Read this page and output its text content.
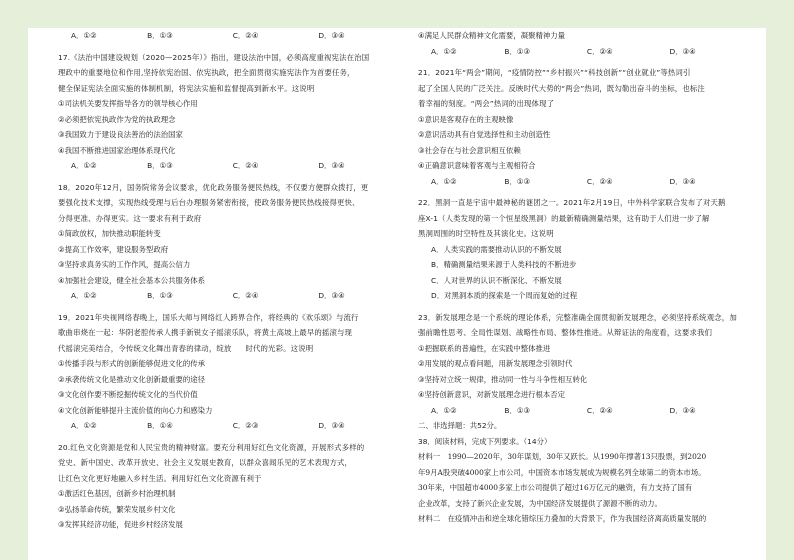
A．①②	B．①③	C．②④	D．③④
17.《法治中国建设规划（2020—2025年）》指出，建设法治中国，必须高度重视宪法在治国
理政中的重要地位和作用,坚持依宪治国、依宪执政，把全面贯彻实施宪法作为首要任务，
健全保证宪法全面实施的体制机制，将宪法实施和监督提高到新水平。这说明
①司法机关要发挥指导各方的领导核心作用
②必须把依宪执政作为党的执政理念
③我国致力于建设良法善治的法治国家
④我国不断推进国家治理体系现代化
A．①②	B．①③	C．②④	D．③④
18．2020年12月，国务院常务会议要求，优化政务服务便民热线，不仅要方便群众拨打，更
要强化技术支撑，实现热线受理与后台办理服务紧密衔接，使政务服务便民热线接得更快、
分得更准、办得更实。这一要求有利于政府
①简政放权，加快推动职能转变
②提高工作效率，建设服务型政府
③坚持求真务实的工作作风，提高公信力
④加强社会建设，健全社会基本公共服务体系
A．①②	B．①③	C．②④	D．③④
19．2021年央视网络春晚上，国乐大师与网络红人跨界合作，将经典的《欢乐颂》与流行
歌曲串烧在一起：华阴老腔传承人携手新锐女子摇滚乐队，将黄土高坡上最早的摇滚与现
代摇滚完美结合，令传统文化舞出青春的律动，绽放 时代的光彩。这说明
①传播手段与形式的创新能够促进文化的传承
②承袭传统文化是推动文化创新最重要的途径
③文化创作要不断挖掘传统文化的当代价值
④文化创新能够提升主流价值的向心力和感染力
A．①②	B．①④	C．②③	D．③④
20.红色文化资源是党和人民宝贵的精神财富。要充分利用好红色文化资源，开展形式多样的
党史、新中国史、改革开放史、社会主义发展史教育，以群众喜闻乐见的艺术表现方式，
让红色文化更好地融入乡村生活。利用好红色文化资源有利于
①激活红色基因，创新乡村治理机制
②弘扬革命传统，繁荣发展乡村文化
③发挥其经济功能，促进乡村经济发展
④满足人民群众精神文化需要，凝聚精神力量
A．①②	B．①③	C．②④	D．③④
21．2021年“两会”期间，“疫情防控”“乡村振兴”“科技创新”“创业就业”等热词引
起了全国人民的广泛关注。反映时代大势的“两会”热词，既勾勒出奋斗的坐标，也标注
着幸福的刻度。“两会”热词的出现体现了
①意识是客观存在的主观映像
②意识活动具有自觉选择性和主动创造性
③社会存在与社会意识相互依赖
④正确意识意味着客观与主观相符合
A．①②	B．①③	C．②④	D．③④
22．黑洞一直是宇宙中最神秘的谜团之一。2021年2月19日，中外科学家联合发布了对天鹅
座X-1（人类发现的第一个恒星级黑洞）的最新精确测量结果，这有助于人们进一步了解
黑洞周围的时空特性及其演化史。这说明
A．人类实践的需要推动认识的不断发展
B．精确测量结果来源于人类科技的不断进步
C．人对世界的认识不断深化、不断发展
D．对黑洞本质的探索是一个周而复始的过程
23．新发展理念是一个系统的理论体系，完整准确全面贯彻新发展理念，必须坚持系统观念，加
强前瞻性思考、全局性谋划、战略性布局、整体性推进。从辩证法的角度看，这要求我们
①把握联系的普遍性，在实践中整体推进
②用发展的观点看问题，用新发展理念引领时代
③坚持对立统一规律，推动同一性与斗争性相互转化
④坚持创新意识，对新发展理念进行根本否定
A．①②	B．①③	C．②④	D．③④
二、非选择题：共52分。
38．阅读材料，完成下列要求。（14分）
材料一　1990—2020年，30年谋划，30年又跃长。从1990年撑著13只股票，到2020
年9月A股突破4000家上市公司，中国资本市场发展成为规模名列全球第二的资本市场。
30年来，中国超市4000多家上市公司提供了超过16万亿元的融资，有力支持了国有
企业改革，支持了新兴企业发展，为中国经济发展提供了源源不断的动力。
材料二　在疫情冲击和逆全球化错综压力叠加的大背景下，作为我国经济离高质量发展的
